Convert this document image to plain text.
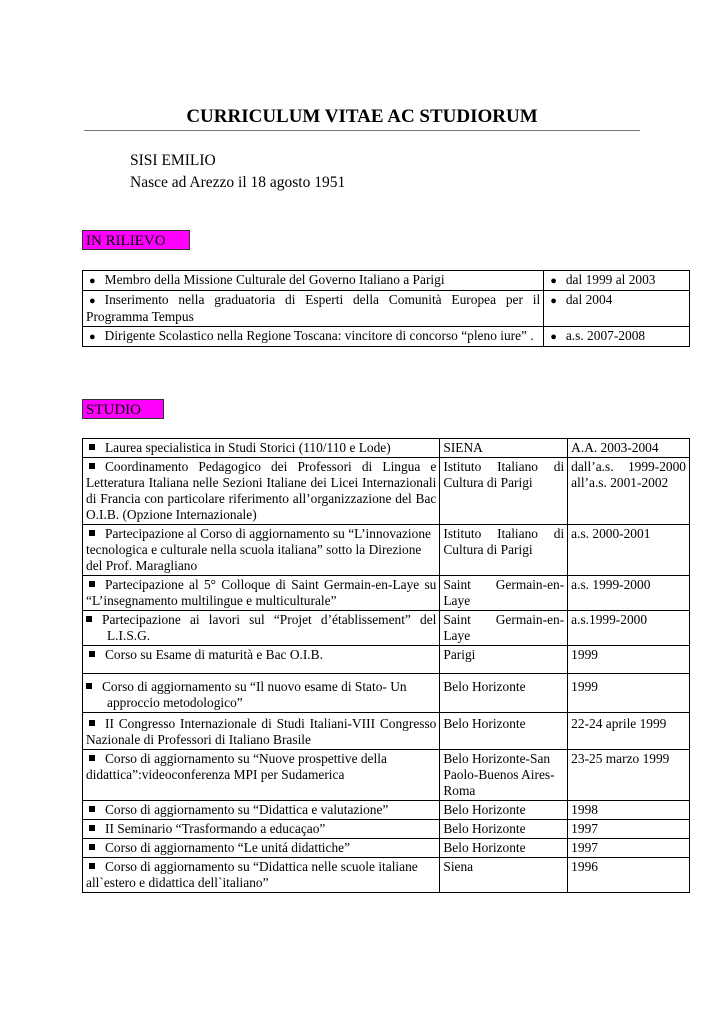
CURRICULUM VITAE AC STUDIORUM
SISI EMILIO
Nasce ad Arezzo il 18 agosto 1951
IN RILIEVO
● Membro della Missione Culturale del Governo Italiano a Parigi	● dal 1999 al 2003
● Inserimento nella graduatoria di Esperti della Comunità Europea per il Programma Tempus	● dal 2004
● Dirigente Scolastico nella Regione Toscana: vincitore di concorso “pleno iure” .	● a.s. 2007-2008
STUDIO
Laurea specialistica in Studi Storici (110/110 e Lode)	SIENA	A.A. 2003-2004
Coordinamento Pedagogico dei Professori di Lingua e Letteratura Italiana nelle Sezioni Italiane dei Licei Internazionali di Francia con particolare riferimento all’organizzazione del Bac O.I.B. (Opzione Internazionale)	Istituto Italiano di Cultura di Parigi	dall’a.s. 1999-2000 all’a.s. 2001-2002
Partecipazione al Corso di aggiornamento su “L’innovazione tecnologica e culturale nella scuola italiana” sotto la Direzione del Prof. Maragliano	Istituto Italiano di Cultura di Parigi	a.s. 2000-2001
Partecipazione al 5° Colloque di Saint Germain-en-Laye su “L’insegnamento multilingue e multiculturale”	Saint Germain-en-Laye	a.s. 1999-2000
Partecipazione ai lavori sul “Projet d’établissement” del L.I.S.G.	Saint Germain-en-Laye	a.s.1999-2000
Corso su Esame di maturità e Bac O.I.B.	Parigi	1999
Corso di aggiornamento su “Il nuovo esame di Stato- Un approccio metodologico”	Belo Horizonte	1999
II Congresso Internazionale di Studi Italiani-VIII Congresso Nazionale di Professori di Italiano Brasile	Belo Horizonte	22-24 aprile 1999
Corso di aggiornamento su “Nuove prospettive della didattica”:videoconferenza MPI per Sudamerica	Belo Horizonte-San Paolo-Buenos Aires-Roma	23-25 marzo 1999
Corso di aggiornamento su “Didattica e valutazione”	Belo Horizonte	1998
II Seminario “Trasformando a educaçao”	Belo Horizonte	1997
Corso di aggiornamento “Le unitá didattiche”	Belo Horizonte	1997
Corso di aggiornamento su “Didattica nelle scuole italiane all`estero e didattica dell`italiano”	Siena	1996
